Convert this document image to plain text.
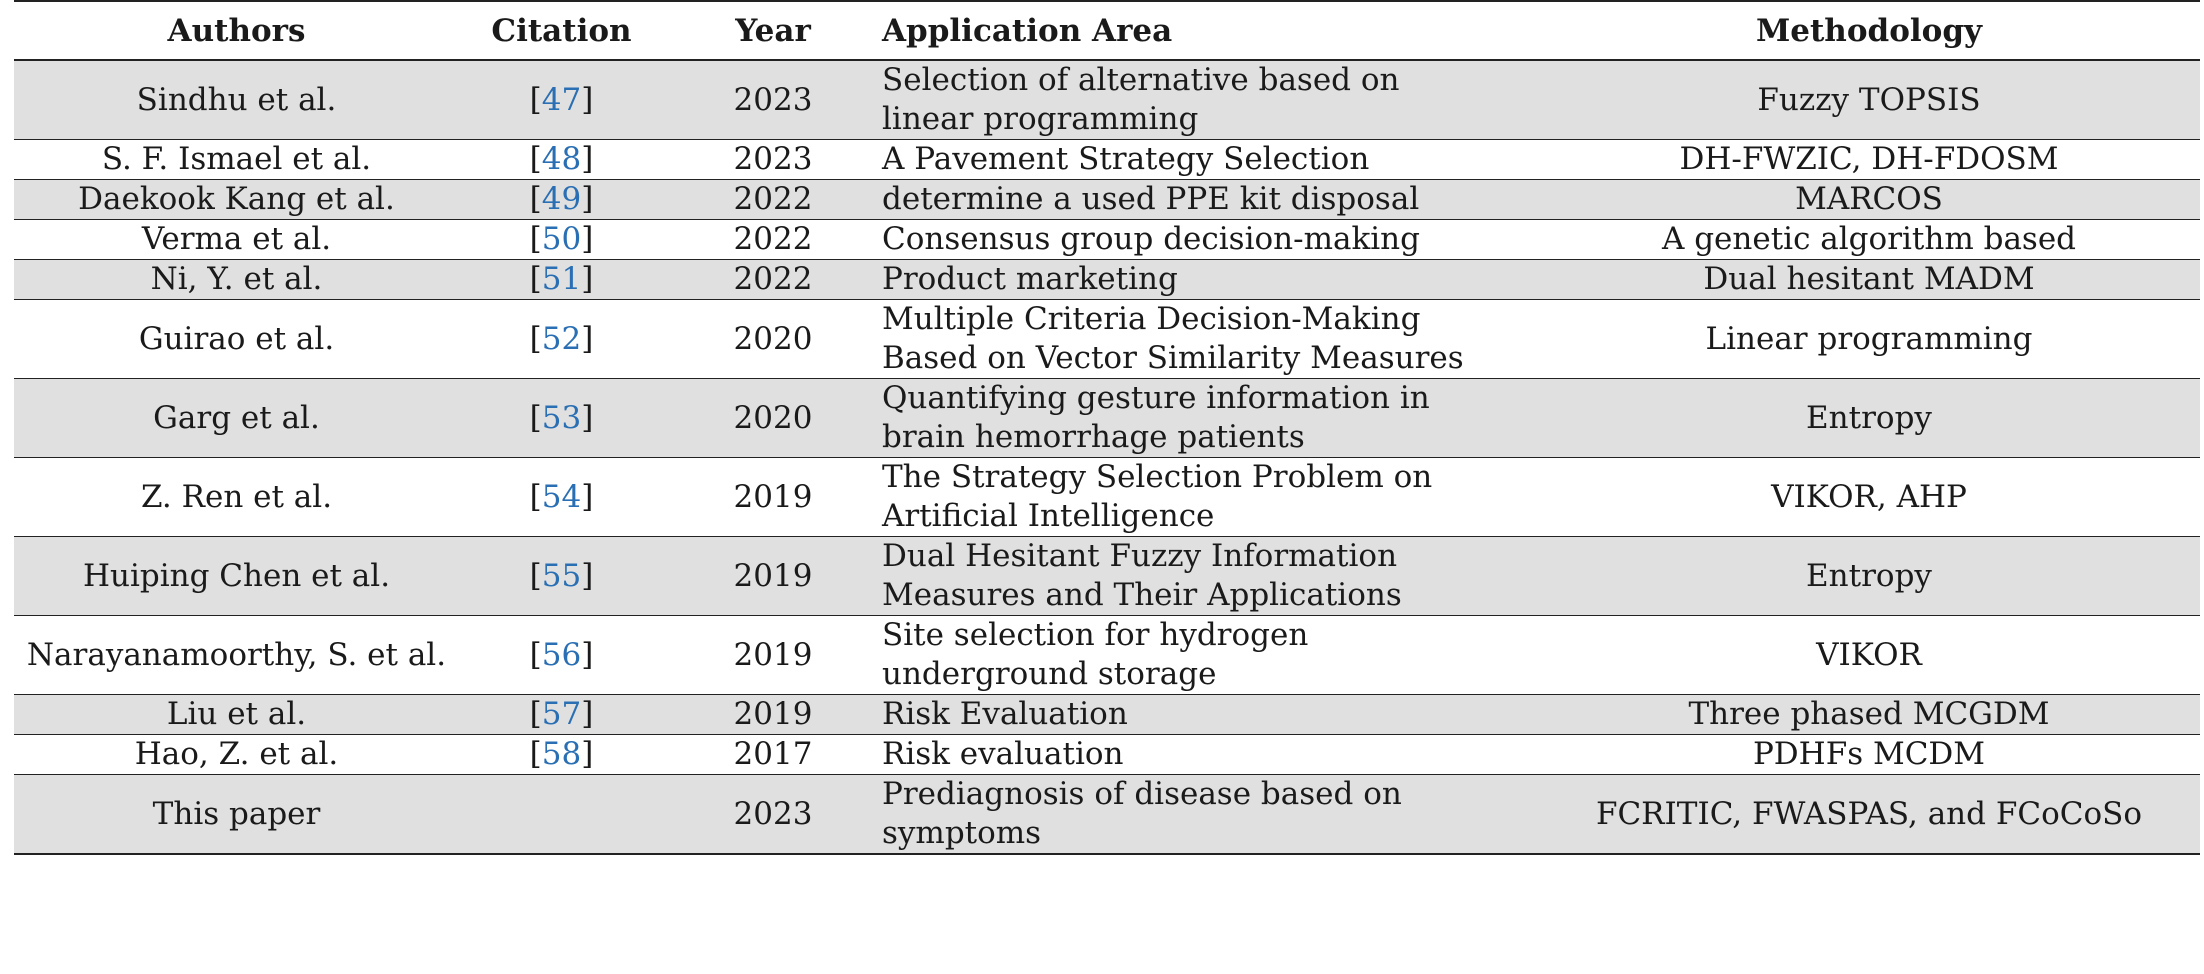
Authors	Citation	Year	Application Area	Methodology
Sindhu et al.	[47]	2023	Selection of alternative based on linear programming	Fuzzy TOPSIS
S. F. Ismael et al.	[48]	2023	A Pavement Strategy Selection	DH-FWZIC, DH-FDOSM
Daekook Kang et al.	[49]	2022	determine a used PPE kit disposal	MARCOS
Verma et al.	[50]	2022	Consensus group decision-making	A genetic algorithm based
Ni, Y. et al.	[51]	2022	Product marketing	Dual hesitant MADM
Guirao et al.	[52]	2020	Multiple Criteria Decision-Making Based on Vector Similarity Measures	Linear programming
Garg et al.	[53]	2020	Quantifying gesture information in brain hemorrhage patients	Entropy
Z. Ren et al.	[54]	2019	The Strategy Selection Problem on Artificial Intelligence	VIKOR, AHP
Huiping Chen et al.	[55]	2019	Dual Hesitant Fuzzy Information Measures and Their Applications	Entropy
Narayanamoorthy, S. et al.	[56]	2019	Site selection for hydrogen underground storage	VIKOR
Liu et al.	[57]	2019	Risk Evaluation	Three phased MCGDM
Hao, Z. et al.	[58]	2017	Risk evaluation	PDHFs MCDM
This paper		2023	Prediagnosis of disease based on symptoms	FCRITIC, FWASPAS, and FCoCoSo
